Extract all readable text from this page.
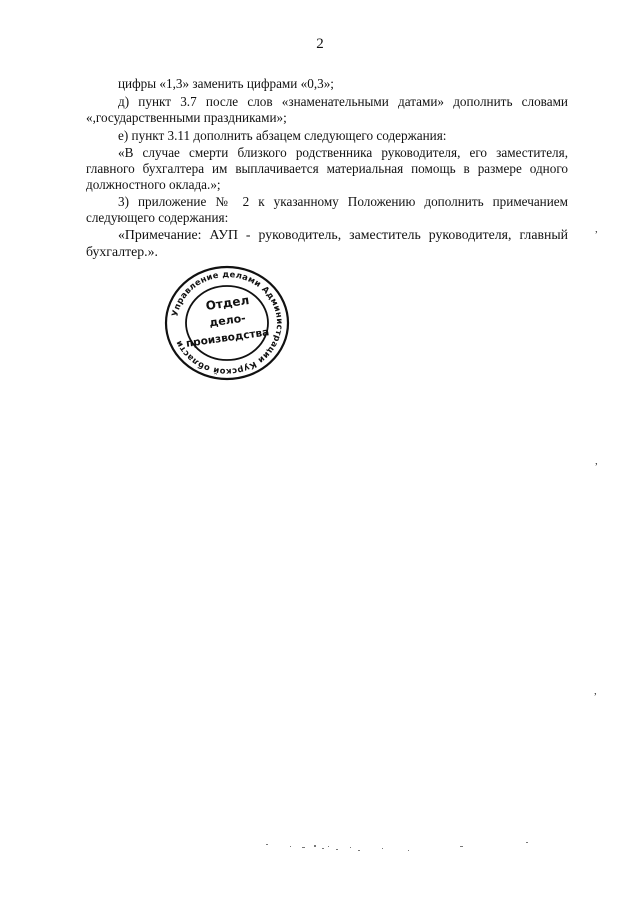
2
цифры «1,3» заменить цифрами «0,3»;
д) пункт 3.7 после слов «знаменательными датами» дополнить словами
«,государственными праздниками»;
е) пункт 3.11 дополнить абзацем следующего содержания:
«В случае смерти близкого родственника руководителя, его заместителя,
главного бухгалтера им выплачивается материальная помощь в размере одного
должностного оклада.»;
3) приложение № 2 к указанному Положению дополнить примечанием
следующего содержания:
«Примечание: АУП - руководитель, заместитель руководителя, главный
бухгалтер.».
Управление делами Администрации Курской области
Отдел
дело-
производства
,
,
,
